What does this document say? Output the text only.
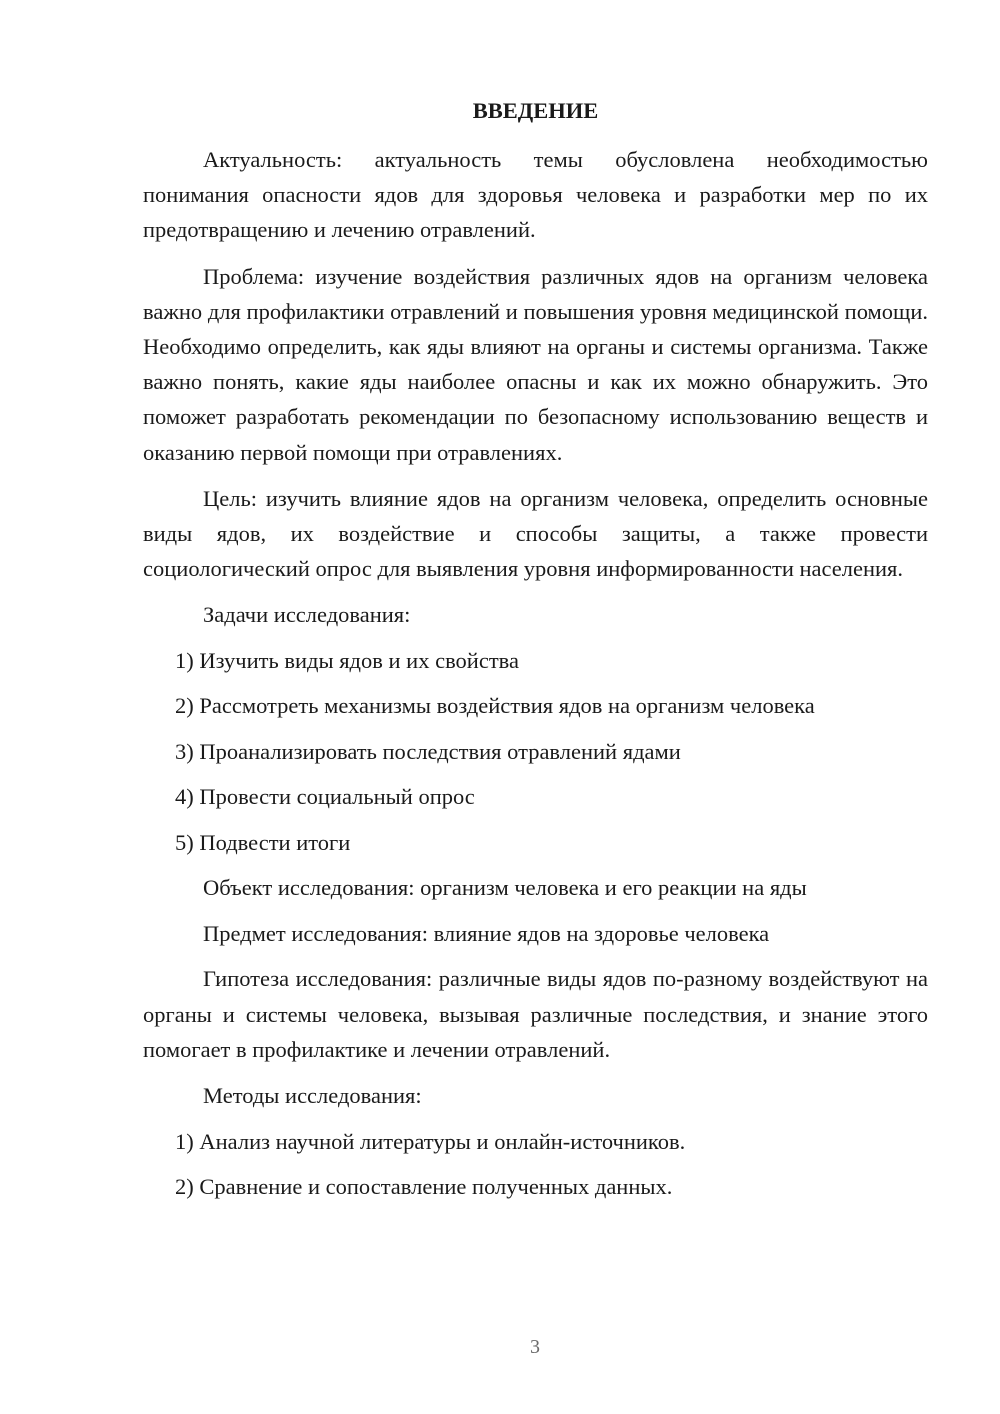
ВВЕДЕНИЕ

Актуальность: актуальность темы обусловлена необходимостью понимания опасности ядов для здоровья человека и разработки мер по их предотвращению и лечению отравлений.

Проблема: изучение воздействия различных ядов на организм человека важно для профилактики отравлений и повышения уровня медицинской помощи. Необходимо определить, как яды влияют на органы и системы организма. Также важно понять, какие яды наиболее опасны и как их можно обнаружить. Это поможет разработать рекомендации по безопасному использованию веществ и оказанию первой помощи при отравлениях.

Цель: изучить влияние ядов на организм человека, определить основные виды ядов, их воздействие и способы защиты, а также провести социологический опрос для выявления уровня информированности населения.

Задачи исследования:
1) Изучить виды ядов и их свойства
2) Рассмотреть механизмы воздействия ядов на организм человека
3) Проанализировать последствия отравлений ядами
4) Провести социальный опрос
5) Подвести итоги
Объект исследования: организм человека и его реакции на яды
Предмет исследования: влияние ядов на здоровье человека

Гипотеза исследования: различные виды ядов по-разному воздействуют на органы и системы человека, вызывая различные последствия, и знание этого помогает в профилактике и лечении отравлений.

Методы исследования:
1) Анализ научной литературы и онлайн-источников.
2) Сравнение и сопоставление полученных данных.
3
